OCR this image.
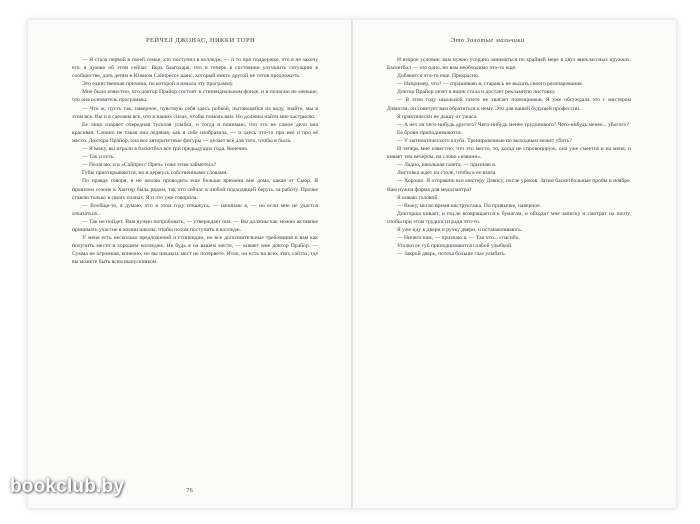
РЕЙЧЕЛ ДЖОНАС, НИККИ ТОРН

— Я стала первой в своей семье, кто поступил в колледж, — и то при поддержке, что я не захочу его, я думаю об этом сейчас. Ведь благодаря, что я теперь в состоянии улучшить ситуацию в сообществе, дать детям в Южном Сайпрессе шанс, который никто другой не готов предложить.

Это единственная причина, по которой я начала эту программу.

Мне было известно, что доктор Прайор состоит в стипендиальном фонде, и я полагаю не меньше, что она основатель программы.

— Что ж, пусть так, наверное, чувствую себя здесь робкой, пытающейся на воду, знайте, мы в этом все. Вы и я сделаем все, что в наших силах, чтобы помочь вам. Но должны найти мне кастрюлю.

Ее лицо озаряет очередная тусклая улыбка, и тогда я понимаю, что это не самое дело она красивая. Словно не такая она ледяная, как я себе изобразила, — и здесь что-то про неё и про её место. Доктора Прайор, она все авторитетные фигуры — делает всё для того, чтобы я была.

— Я вижу, вы играли в баскетбол все три предыдущих года. Конечно.

— Так и есть.

— Полагаю, и в «Сайпресс Преп» тоже этим займетесь?

Губы приоткрываются, но я держусь собственными словами.

По правде говоря, я не желаю проводить еще больше времени вне дома, какая от Сьюр. Я прошлом сезоне в Хантер была рядом, так что сейчас в любой подходящей берусь за работу. Прочее ставлю только в своих планах. Я и это уже говорила.

— Вообще-то, я думаю, что в этом году откажусь, — начинаю я, — но если мне не удастся отказаться...

— Так не пойдет. Вам нужно попробовать, — утверждает она. — Вы должны как можно активнее принимать участие в жизни школы, чтобы потом поступить в колледж.

У меня есть несколько предложений и стипендии, но все дополнительные требования к вам как получить место в хорошем колледже. Не будь я на вашем месте, — кивает мне доктор Прайор. — Сумма не огромная, конечно, но вы никаких мест не потеряете. Итак, он есть на всех этих сайтах, где вы можете быть всем выпускником.

76
Это Золотые мальчики

И второе условие: вам нужно усердно заниматься по крайней мере в двух внеклассных кружках. Баскетбол — это одно, но вам необходимо что-то еще.

Добавится что-то еще. Прекрасно.

— Например, что? — спрашиваю я, стараясь не выдать своего разочарования.

Доктор Прайор лезет в ящик стола и достает рекламную листовку.

— В этом году школьной газете не хватает помощников. Я уже обсуждала это с мистером Дэвисом, он советует вам обратиться к нему. Это для вашей будущей профессии.

Я практически не дышу от ужаса.

— А нет ли чего-нибудь другого? Чего-нибудь менее трудоемкого? Чего-нибудь менее... убогого?

Ее брови приподнимаются.

— У математического клуба. Тренировочные по выходным может убить?

И теперь мне известно, что это место, то, когда не спровоцирую, она уже смеется и на меня, и кивает тем вечером, на слово «извини».

— Ладно, школьная газета, — признаю я.

Листовка ждет на столе, чтобы я ее взяла.

— Хорошо. Я отправлю все мистеру Дэвису, после уроков. Затем баскетбольные пробы в ноябре. Вам нужна форма для медосмотра?

Я киваю головой.

— Вижу, мы во время инструктажа. По привычке, наверное.

Докторша кивает, и после возвращается к бумагам, и обходит мне записку и смотрит на почту, чтобы при этом трудности ради что-то.

Я уже иду к двери и ручку двери, и останавливаюсь.

— Ничего нам, — признаю я. — Так что... спасибо.

Уголки ее губ приподнимаются слабой улыбкой.

— Закрой дверь, потеха больше глаз улыбать.

bookclub.by
